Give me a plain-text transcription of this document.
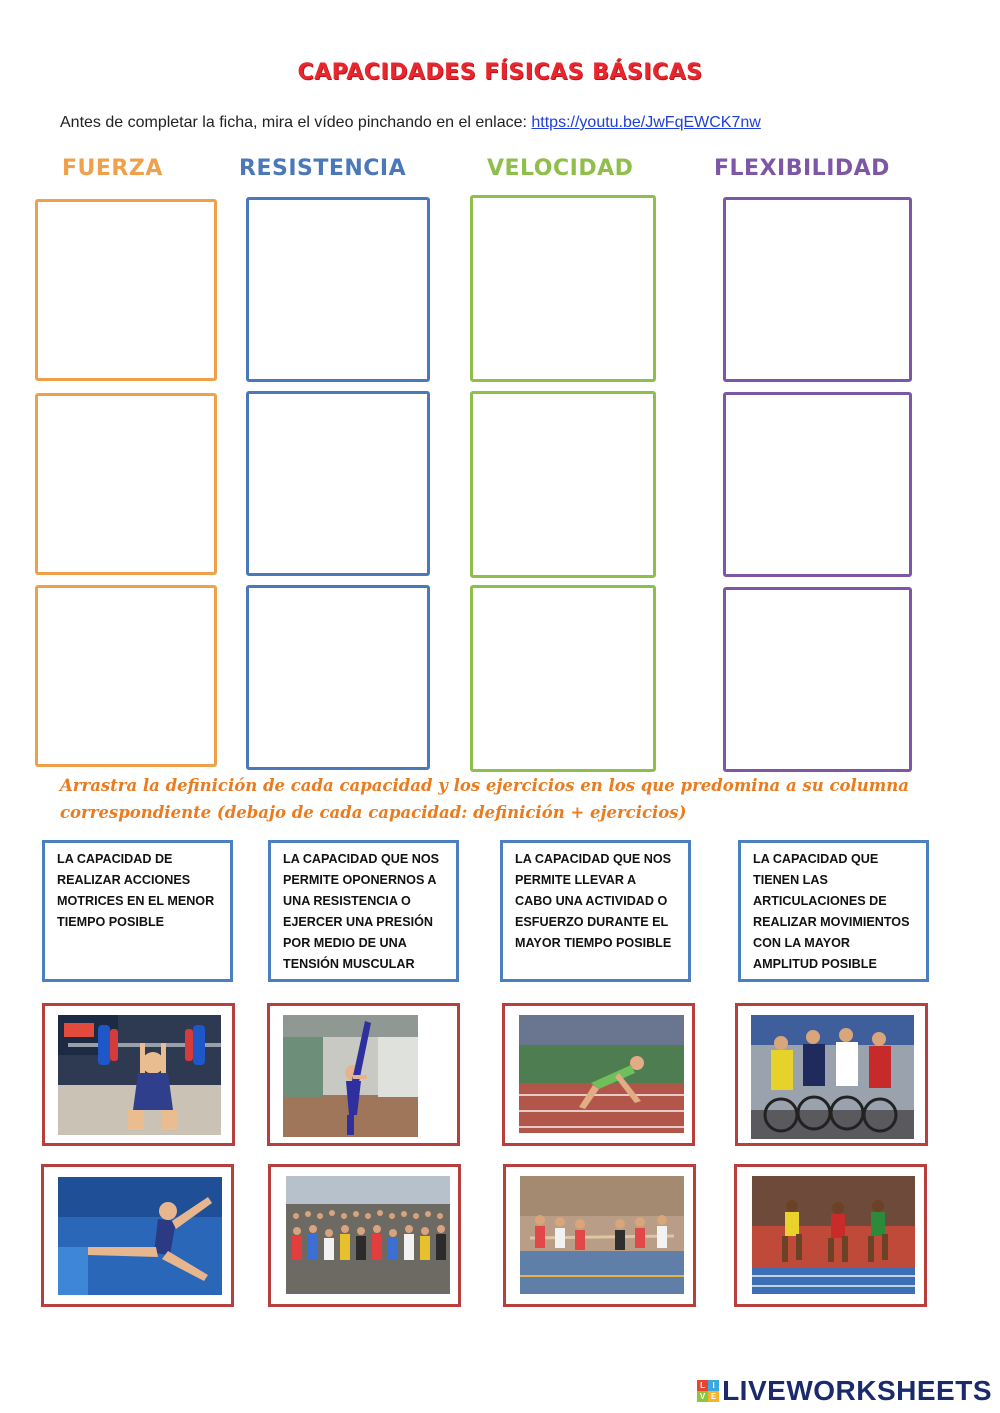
CAPACIDADES FÍSICAS BÁSICAS
Antes de completar la ficha, mira el vídeo pinchando en el enlace: https://youtu.be/JwFqEWCK7nw
FUERZA	RESISTENCIA	VELOCIDAD	FLEXIBILIDAD
Arrastra la definición de cada capacidad y los ejercicios en los que predomina a su columna correspondiente (debajo de cada capacidad: definición + ejercicios)
LA CAPACIDAD DE REALIZAR ACCIONES MOTRICES EN EL MENOR TIEMPO POSIBLE
LA CAPACIDAD QUE NOS PERMITE OPONERNOS A UNA RESISTENCIA O EJERCER UNA PRESIÓN POR MEDIO DE UNA TENSIÓN MUSCULAR
LA CAPACIDAD QUE NOS PERMITE LLEVAR A CABO UNA ACTIVIDAD O ESFUERZO DURANTE EL MAYOR TIEMPO POSIBLE
LA CAPACIDAD QUE TIENEN LAS ARTICULACIONES DE REALIZAR MOVIMIENTOS CON LA MAYOR AMPLITUD POSIBLE
L I
V E LIVEWORKSHEETS
